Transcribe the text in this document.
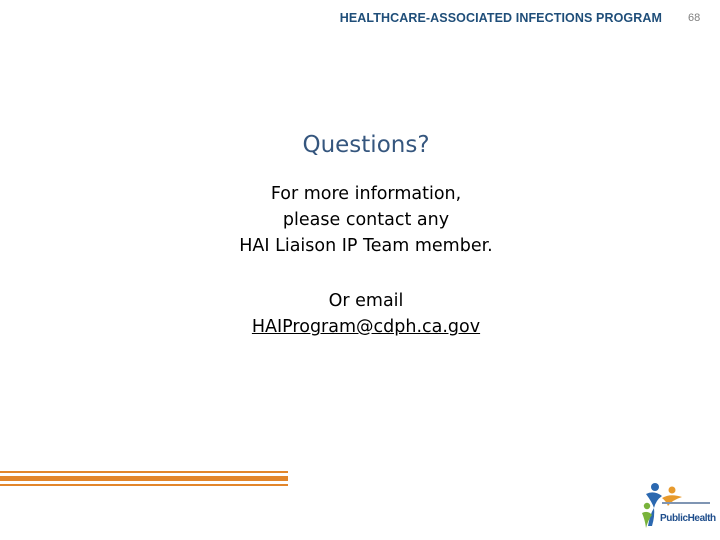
HEALTHCARE-ASSOCIATED INFECTIONS PROGRAM 68
Questions?
For more information,
please contact any
HAI Liaison IP Team member.
Or email
HAIProgram@cdph.ca.gov
PublicHealth
